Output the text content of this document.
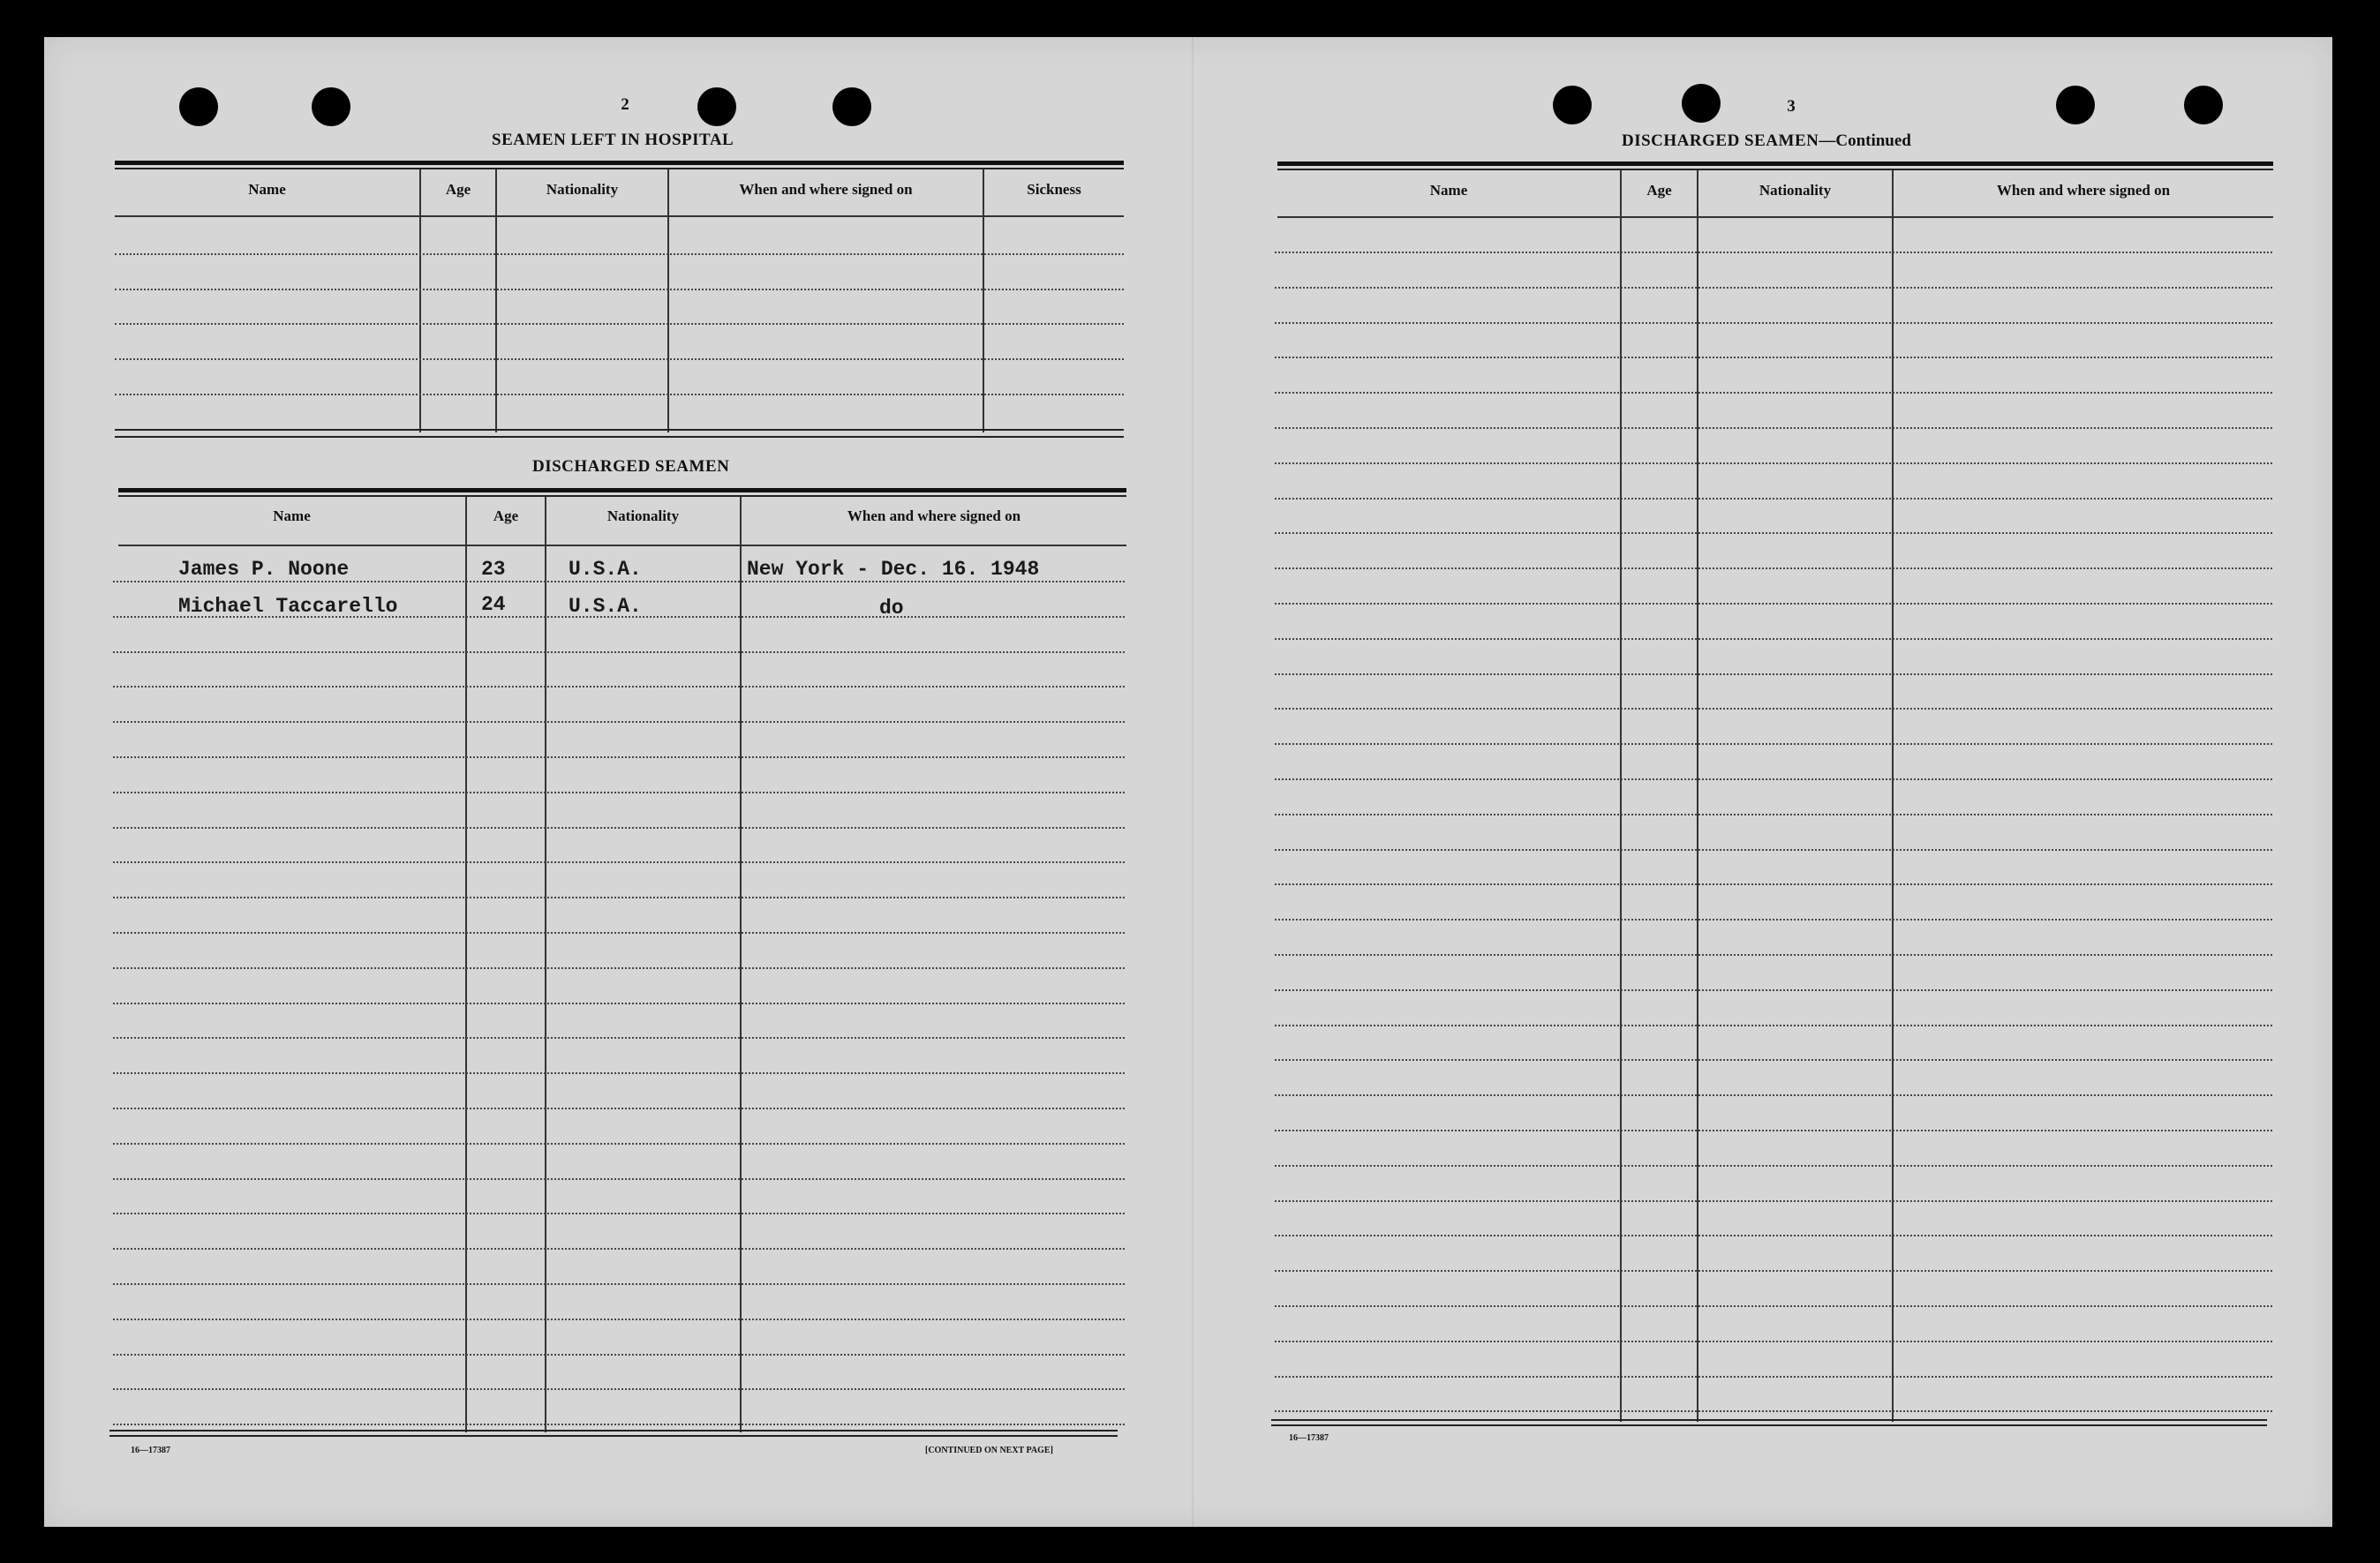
2
SEAMEN LEFT IN HOSPITAL
Name	Age	Nationality	When and where signed on	Sickness
DISCHARGED SEAMEN
Name	Age	Nationality	When and where signed on
James P. Noone	23	U.S.A.	New York - Dec. 16. 1948
Michael Taccarello	24	U.S.A.	do
16—17387	[CONTINUED ON NEXT PAGE]
3
DISCHARGED SEAMEN—Continued
Name	Age	Nationality	When and where signed on
16—17387
